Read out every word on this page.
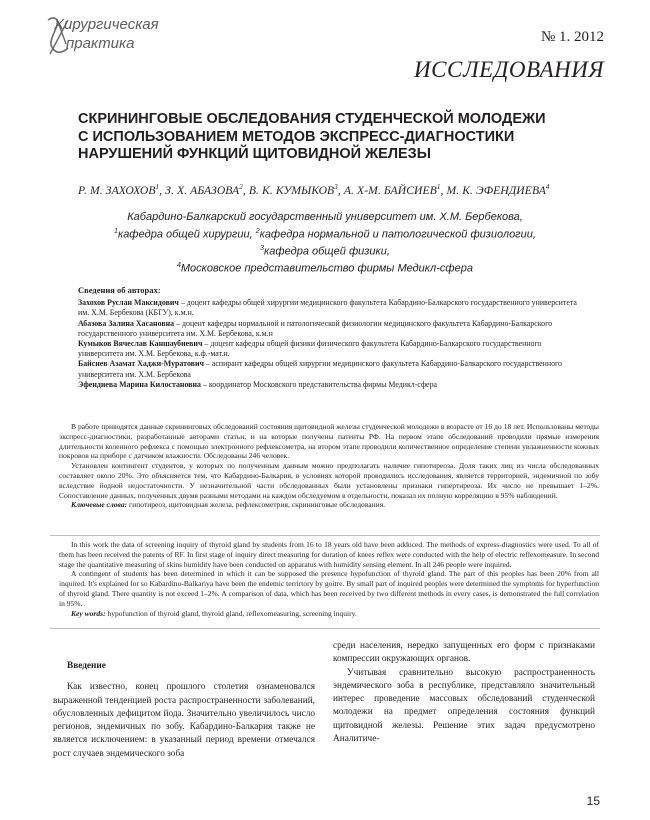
Хирургическая
практика	№ 1. 2012
ИССЛЕДОВАНИЯ
СКРИНИНГОВЫЕ ОБСЛЕДОВАНИЯ СТУДЕНЧЕСКОЙ МОЛОДЕЖИ
С ИСПОЛЬЗОВАНИЕМ МЕТОДОВ ЭКСПРЕСС-ДИАГНОСТИКИ
НАРУШЕНИЙ ФУНКЦИЙ ЩИТОВИДНОЙ ЖЕЛЕЗЫ
Р. М. ЗАХОХОВ$^1$, З. Х. АБАЗОВА$^2$, В. К. КУМЫКОВ$^3$, А. Х-М. БАЙСИЕВ$^1$, М. К. ЭФЕНДИЕВА$^4$
Кабардино-Балкарский государственный университет им. Х.М. Бербекова,
$^1$кафедра общей хирургии, $^2$кафедра нормальной и патологической физиологии,
$^3$кафедра общей физики,
$^4$Московское представительство фирмы Медикл-сфера
Сведения об авторах:

Захохов Руслан Максидович – доцент кафедры общей хирургии медицинского факультета Кабардино-Балкарского государственного университета им. Х.М. Бербекова (КБГУ), к.м.н.

Абазова Залина Хасановна – доцент кафедры нормальной и патологической физиологии медицинского факультета Кабардино-Балкарского государственного университета им. Х.М. Бербекова, к.м.н

Кумыков Вячеслав Каншаубиевич – доцент кафедры общей физики физического факультета Кабардино-Балкарского государственного университета им. Х.М. Бербекова, к.ф.-мат.н.

Байсиев Азамат Хаджи-Муратович – аспирант кафедры общей хирургии медицинского факультета Кабардино-Балкарского государственного университета им. Х.М. Бербекова

Эфендиева Марина Килостановна – координатор Московского представительства фирмы Медикл-сфера

В работе приводятся данные скрининговых обследований состояния щитовидной железы студенческой молодежи в возрасте от 16 до 18 лет. Использованы методы экспресс-диагностики, разработанные авторами статьи, и на которые получены патенты РФ. На первом этапе обследований проводили прямые измерения длительности коленного рефлекса с помощью электронного рефлексометра, на втором этапе проводили количественное определение степени увлажненности кожных покровов на приборе с датчиком влажности. Обследованы 246 человек.

Установлен контингент студентов, у которых по полученным данным можно предполагать наличие гипотиреоза. Доля таких лиц из числа обследованных составляет около 20%. Это объясняется тем, что Кабардино-Балкария, в условиях которой проводились исследования, является территорией, эндемичной по зобу вследствие йодной недостаточности. У незначительной части обследованных были установлены признаки гипертиреоза. Их число не превышает 1–2%. Сопоставление данных, полученных двумя разными методами на каждом обследуемом в отдельности, показал их полную корреляцию в 95% наблюдений.

Ключевые слова: гипотиреоз, щитовидная железа, рефлексометрия, скрининговые обследования.

In this work the data of screening inquiry of thyroid gland by students from 16 to 18 years old have been adduced. The methods of express-diagnostics were used. To all of them has been received the patents of RF. In first stage of inquiry direct measuring for duration of knees reflex were conducted with the help of electric reflexomeasure. In second stage the quantitative measuring of skins humidity have been conducted on apparatus with humidity sensing element. In all 246 people were inquired.

A contingent of students has been determined in which it can be supposed the presence hypofunction of thyroid gland. The part of this peoples has been 20% from all inquired. It's explained for so Kabardino-Balkariya have been the endemic terrirtory by goitre. By small part of inquired peoples were determined the symptoms for hyperfunction of thyroid gland. There quantity is not exceed 1–2%. A comparison of data, which has been received by two different methods in every cases, is demonstrated the full correlation in 95%.

Key words: hypofunction of thyroid gland, thyroid gland, reflexomeasuring, screening inquiry.

Введение

Как известно, конец прошлого столетия ознаменовался выраженной тенденцией роста распространенности заболеваний, обусловленных дефицитом йода. Значительно увеличилось число регионов, эндемичных по зобу. Кабардино-Балкария также не является исключением: в указанный период времени отмечался рост случаев эндемического зоба

среди населения, нередко запущенных его форм с признаками компрессии окружающих органов.

Учитывая сравнительно высокую распространенность эндемического зоба в республике, представляло значительный интерес проведение массовых обследований студенческой молодежи на предмет определения состояния функций щитовидной железы. Решение этих задач предусмотрено Аналитиче-

15
